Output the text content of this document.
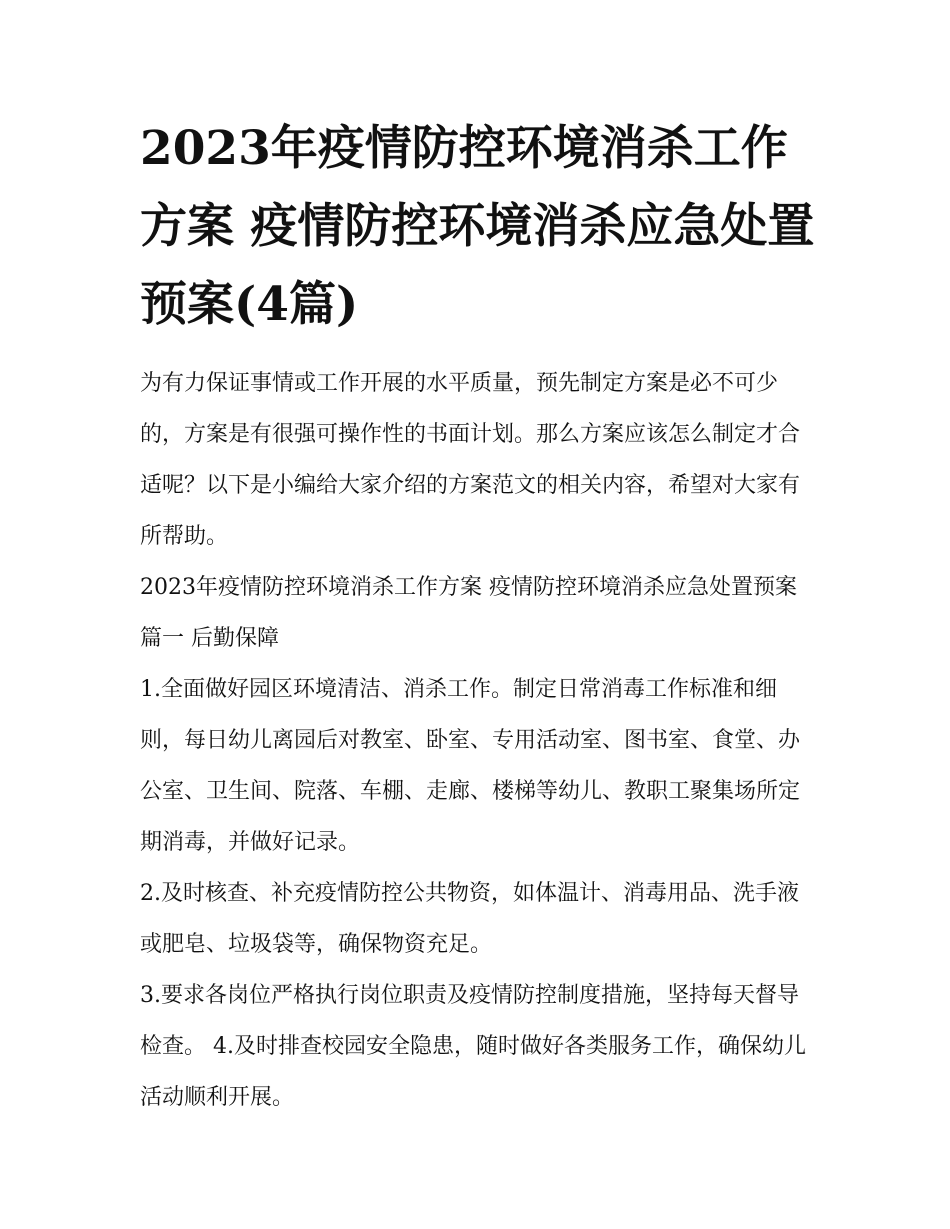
2023年疫情防控环境消杀工作方案 疫情防控环境消杀应急处置预案(4篇)

为有力保证事情或工作开展的水平质量，预先制定方案是必不可少的，方案是有很强可操作性的书面计划。那么方案应该怎么制定才合适呢？以下是小编给大家介绍的方案范文的相关内容，希望对大家有所帮助。

2023年疫情防控环境消杀工作方案 疫情防控环境消杀应急处置预案篇一 后勤保障

1.全面做好园区环境清洁、消杀工作。制定日常消毒工作标准和细则，每日幼儿离园后对教室、卧室、专用活动室、图书室、食堂、办公室、卫生间、院落、车棚、走廊、楼梯等幼儿、教职工聚集场所定期消毒，并做好记录。

2.及时核查、补充疫情防控公共物资，如体温计、消毒用品、洗手液或肥皂、垃圾袋等，确保物资充足。

3.要求各岗位严格执行岗位职责及疫情防控制度措施，坚持每天督导检查。 4.及时排查校园安全隐患，随时做好各类服务工作，确保幼儿活动顺利开展。
